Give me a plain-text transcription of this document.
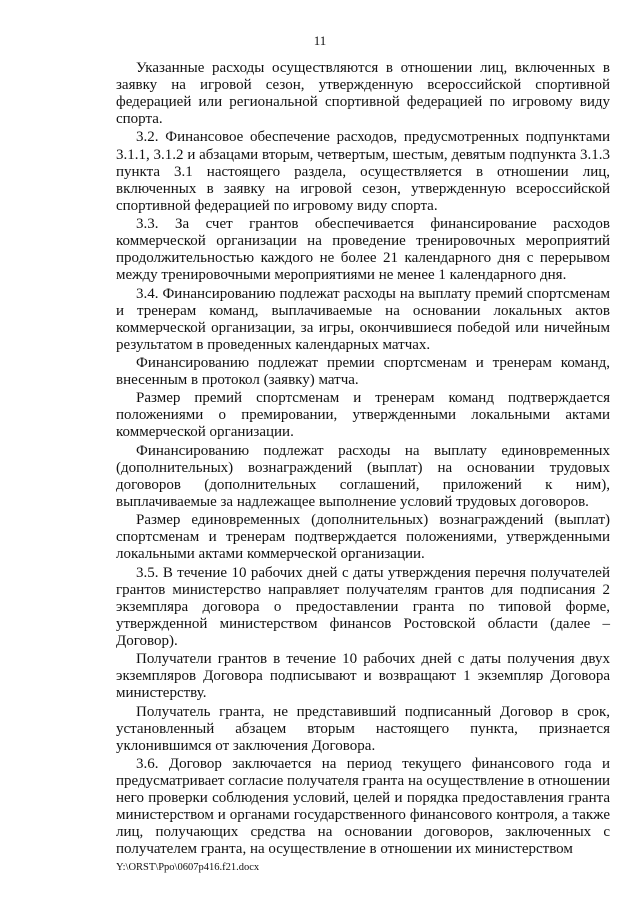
11

Указанные расходы осуществляются в отношении лиц, включенных в заявку на игровой сезон, утвержденную всероссийской спортивной федерацией или региональной спортивной федерацией по игровому виду спорта.

3.2. Финансовое обеспечение расходов, предусмотренных подпунктами 3.1.1, 3.1.2 и абзацами вторым, четвертым, шестым, девятым подпункта 3.1.3 пункта 3.1 настоящего раздела, осуществляется в отношении лиц, включенных в заявку на игровой сезон, утвержденную всероссийской спортивной федерацией по игровому виду спорта.

3.3. За счет грантов обеспечивается финансирование расходов коммерческой организации на проведение тренировочных мероприятий продолжительностью каждого не более 21 календарного дня с перерывом между тренировочными мероприятиями не менее 1 календарного дня.

3.4. Финансированию подлежат расходы на выплату премий спортсменам и тренерам команд, выплачиваемые на основании локальных актов коммерческой организации, за игры, окончившиеся победой или ничейным результатом в проведенных календарных матчах.

Финансированию подлежат премии спортсменам и тренерам команд, внесенным в протокол (заявку) матча.

Размер премий спортсменам и тренерам команд подтверждается положениями о премировании, утвержденными локальными актами коммерческой организации.

Финансированию подлежат расходы на выплату единовременных (дополнительных) вознаграждений (выплат) на основании трудовых договоров (дополнительных соглашений, приложений к ним), выплачиваемые за надлежащее выполнение условий трудовых договоров.

Размер единовременных (дополнительных) вознаграждений (выплат) спортсменам и тренерам подтверждается положениями, утвержденными локальными актами коммерческой организации.

3.5. В течение 10 рабочих дней с даты утверждения перечня получателей грантов министерство направляет получателям грантов для подписания 2 экземпляра договора о предоставлении гранта по типовой форме, утвержденной министерством финансов Ростовской области (далее – Договор).

Получатели грантов в течение 10 рабочих дней с даты получения двух экземпляров Договора подписывают и возвращают 1 экземпляр Договора министерству.

Получатель гранта, не представивший подписанный Договор в срок, установленный абзацем вторым настоящего пункта, признается уклонившимся от заключения Договора.

3.6. Договор заключается на период текущего финансового года и предусматривает согласие получателя гранта на осуществление в отношении него проверки соблюдения условий, целей и порядка предоставления гранта министерством и органами государственного финансового контроля, а также лиц, получающих средства на основании договоров, заключенных с получателем гранта, на осуществление в отношении их министерством

Y:\ORST\Ppo\0607p416.f21.docx
